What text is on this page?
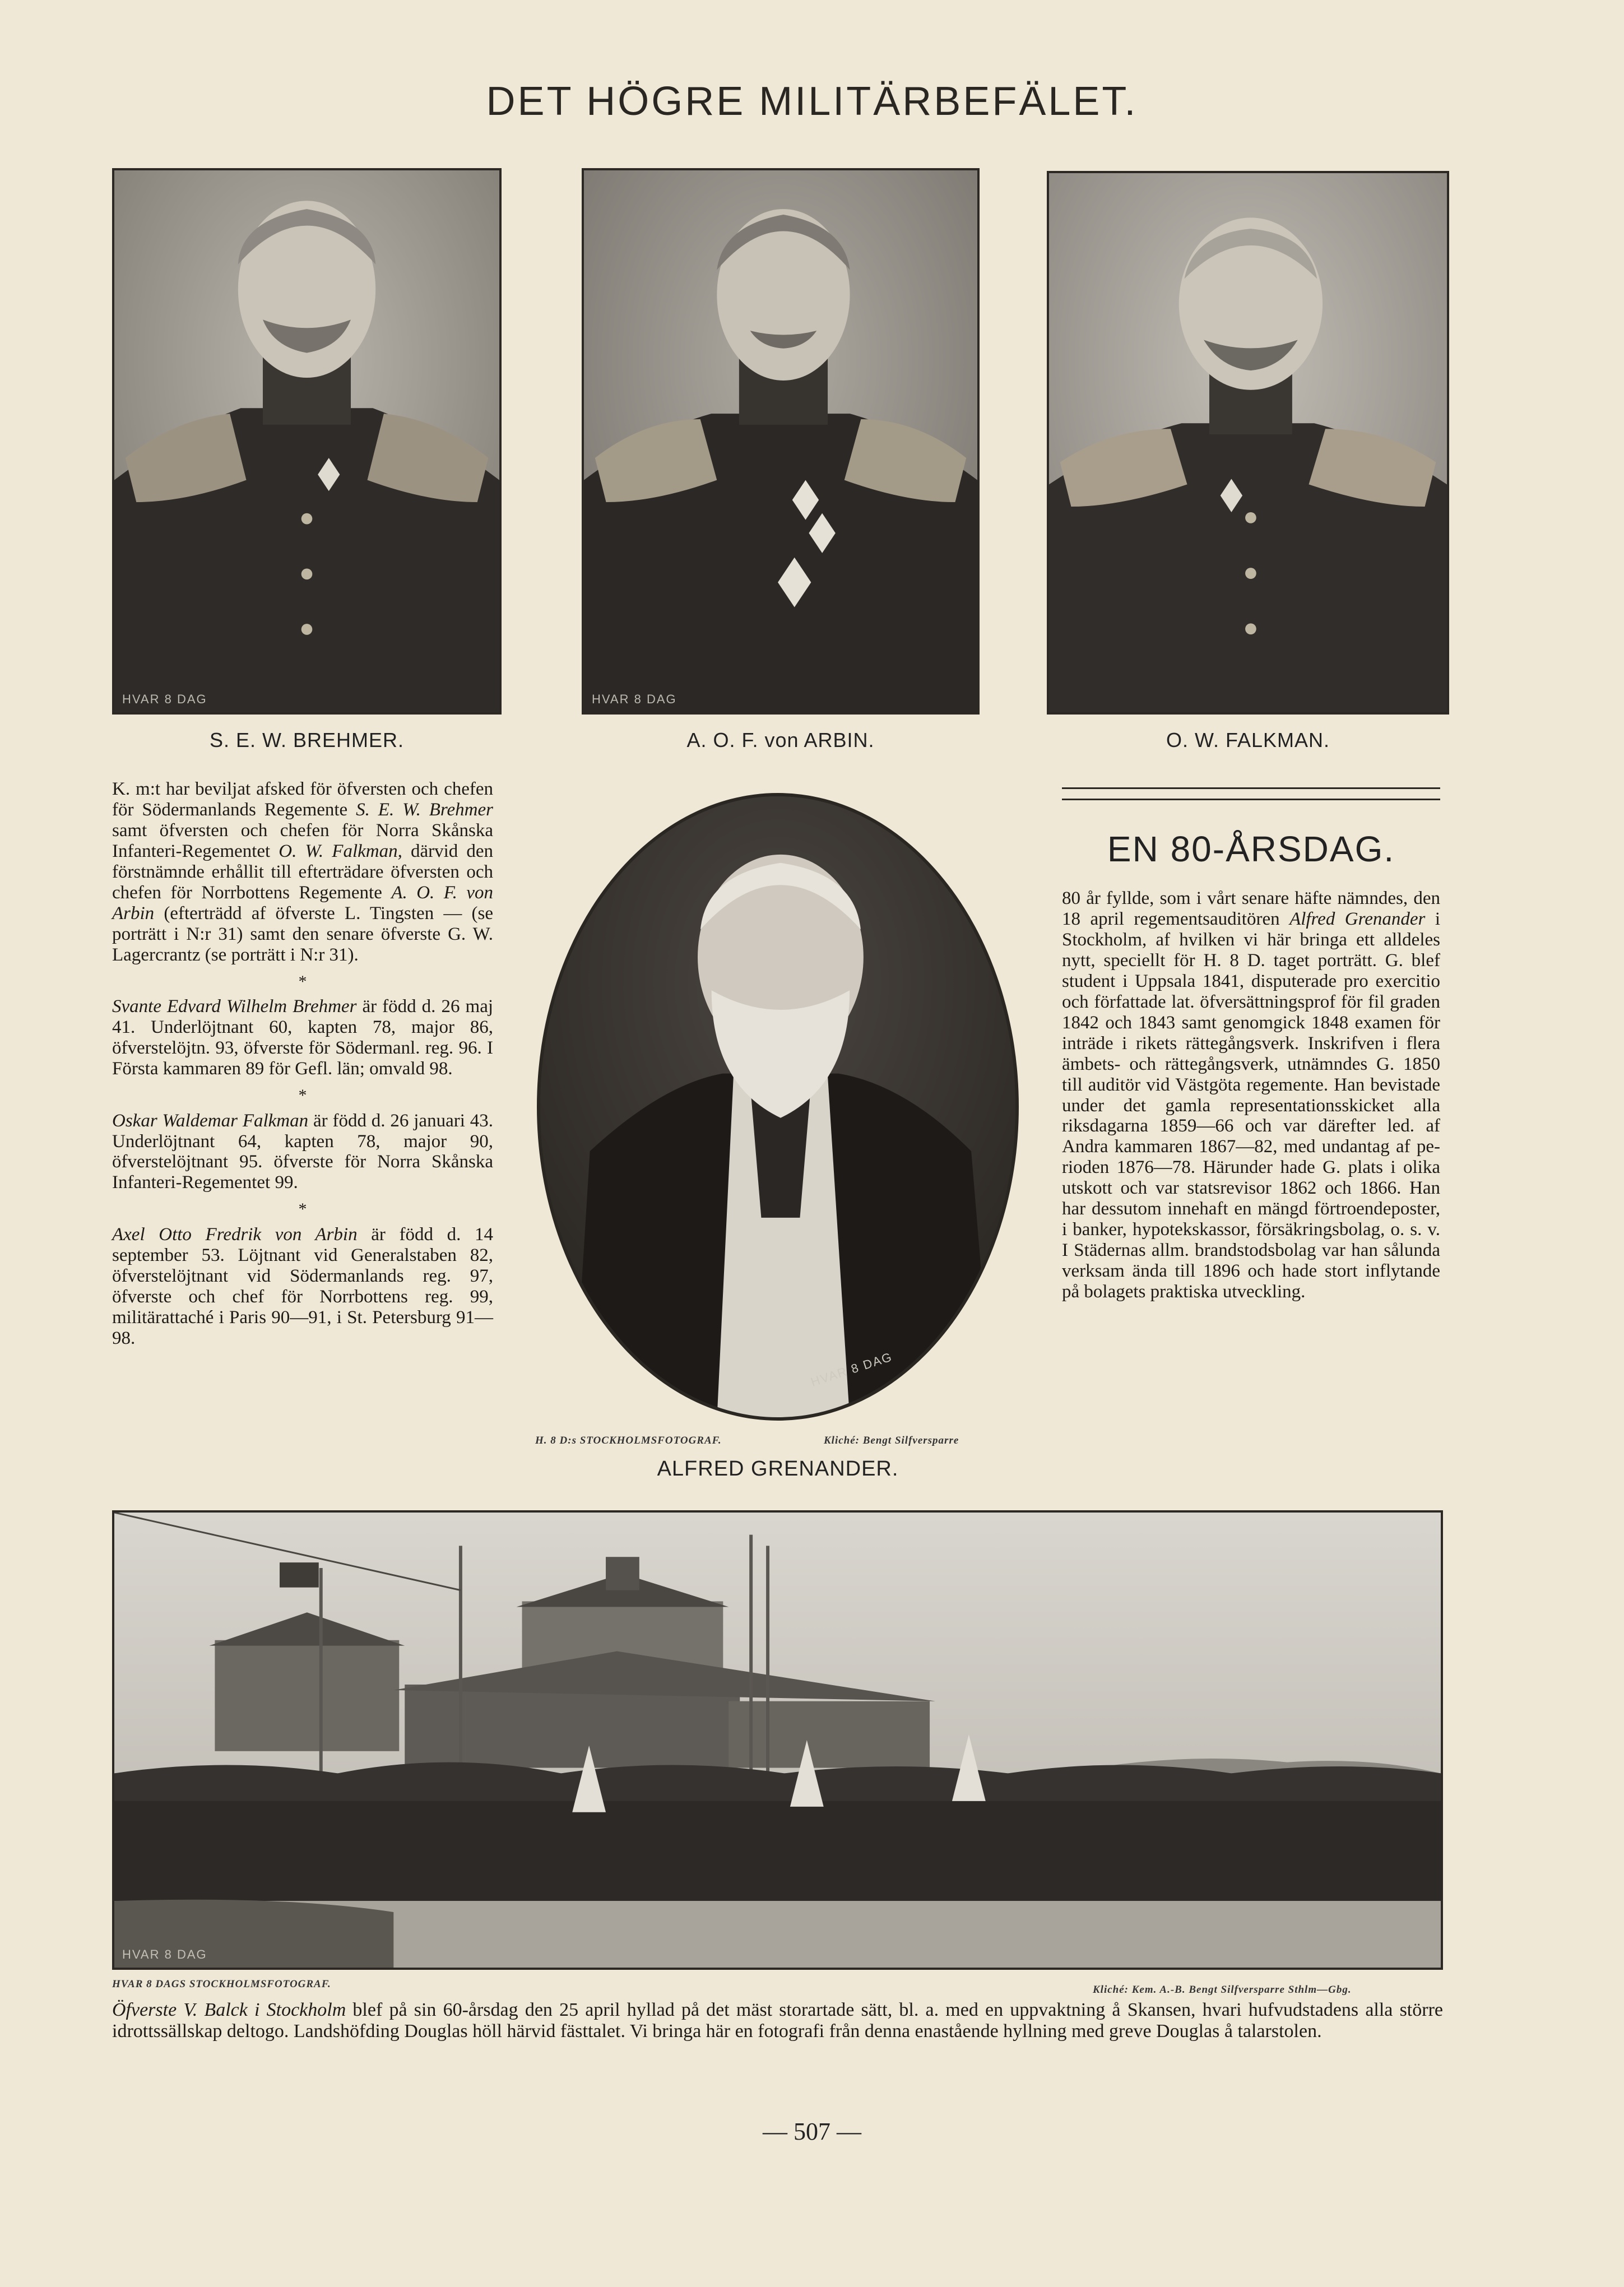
DET HÖGRE MILITÄRBEFÄLET.
HVAR 8 DAG	HVAR 8 DAG
S. E. W. BREHMER.	A. O. F. von ARBIN.	O. W. FALKMAN.

K. m:t har beviljat afsked för öfversten och chefen för Södermanlands Regemente S. E. W. Brehmer samt öfversten och chefen för Norra Skånska Infanteri-Regementet O. W. Falkman, därvid den förstnämnde erhållit till efterträdare öfversten och chefen för Norrbottens Regemente A. O. F. von Arbin (efterträdd af öfverste L. Tingsten — (se porträtt i N:r 31) samt den senare öfverste G. W. Lagercrantz (se porträtt i N:r 31).

*

Svante Edvard Wilhelm Brehmer är född d. 26 maj 41. Underlöjtnant 60, kapten 78, major 86, öfverstelöjtn. 93, öfverste för Södermanl. reg. 96. I Första kammaren 89 för Gefl. län; omvald 98.

*

Oskar Waldemar Falkman är född d. 26 januari 43. Underlöjtnant 64, kapten 78, major 90, öfverstelöjtnant 95. öfverste för Norra Skånska Infanteri-Regementet 99.

*

Axel Otto Fredrik von Arbin är född d. 14 september 53. Löjtnant vid Generalstaben 82, öfverstelöjtnant vid Södermanlands reg. 97, öfverste och chef för Norrbottens reg. 99, militärattaché i Paris 90—91, i St. Petersburg 91—98.

HVAR 8 DAG
H. 8 D:s STOCKHOLMSFOTOGRAF.	Kliché: Bengt Silfversparre
ALFRED GRENANDER.
EN 80-ÅRSDAG.

80 år fyllde, som i vårt senare häfte nämndes, den 18 april regementsauditören Alfred Grenander i Stockholm, af hvilken vi här bringa ett alldeles nytt, speciellt för H. 8 D. taget porträtt. G. blef student i Uppsala 1841, disputerade pro exercitio och författade lat. öfversättningsprof för fil graden 1842 och 1843 samt genomgick 1848 examen för inträde i rikets rättegångsverk. Inskrifven i flera ämbets- och rättegångsverk, utnämndes G. 1850 till auditör vid Västgöta regemente. Han bevistade under det gamla representationsskicket alla riksdagarna 1859—66 och var därefter led. af Andra kammaren 1867—82, med undantag af perioden 1876—78. Härunder hade G. plats i olika utskott och var statsrevisor 1862 och 1866. Han har dessutom innehaft en mängd förtroendeposter, i banker, hypotekskassor, försäkringsbolag, o. s. v. I Städernas allm. brandstodsbolag var han sålunda verksam ända till 1896 och hade stort inflytande på bolagets praktiska utveckling.

HVAR 8 DAG
HVAR 8 DAGS STOCKHOLMSFOTOGRAF.	Kliché: Kem. A.-B. Bengt Silfversparre Sthlm—Gbg.
Öfverste V. Balck i Stockholm blef på sin 60-årsdag den 25 april hyllad på det mäst storartade sätt, bl. a. med en uppvaktning å Skansen, hvari hufvudstadens alla större idrottssällskap deltogo. Landshöfding Douglas höll härvid fästtalet. Vi bringa här en fotografi från denna enastående hyllning med greve Douglas å talarstolen.
— 507 —
